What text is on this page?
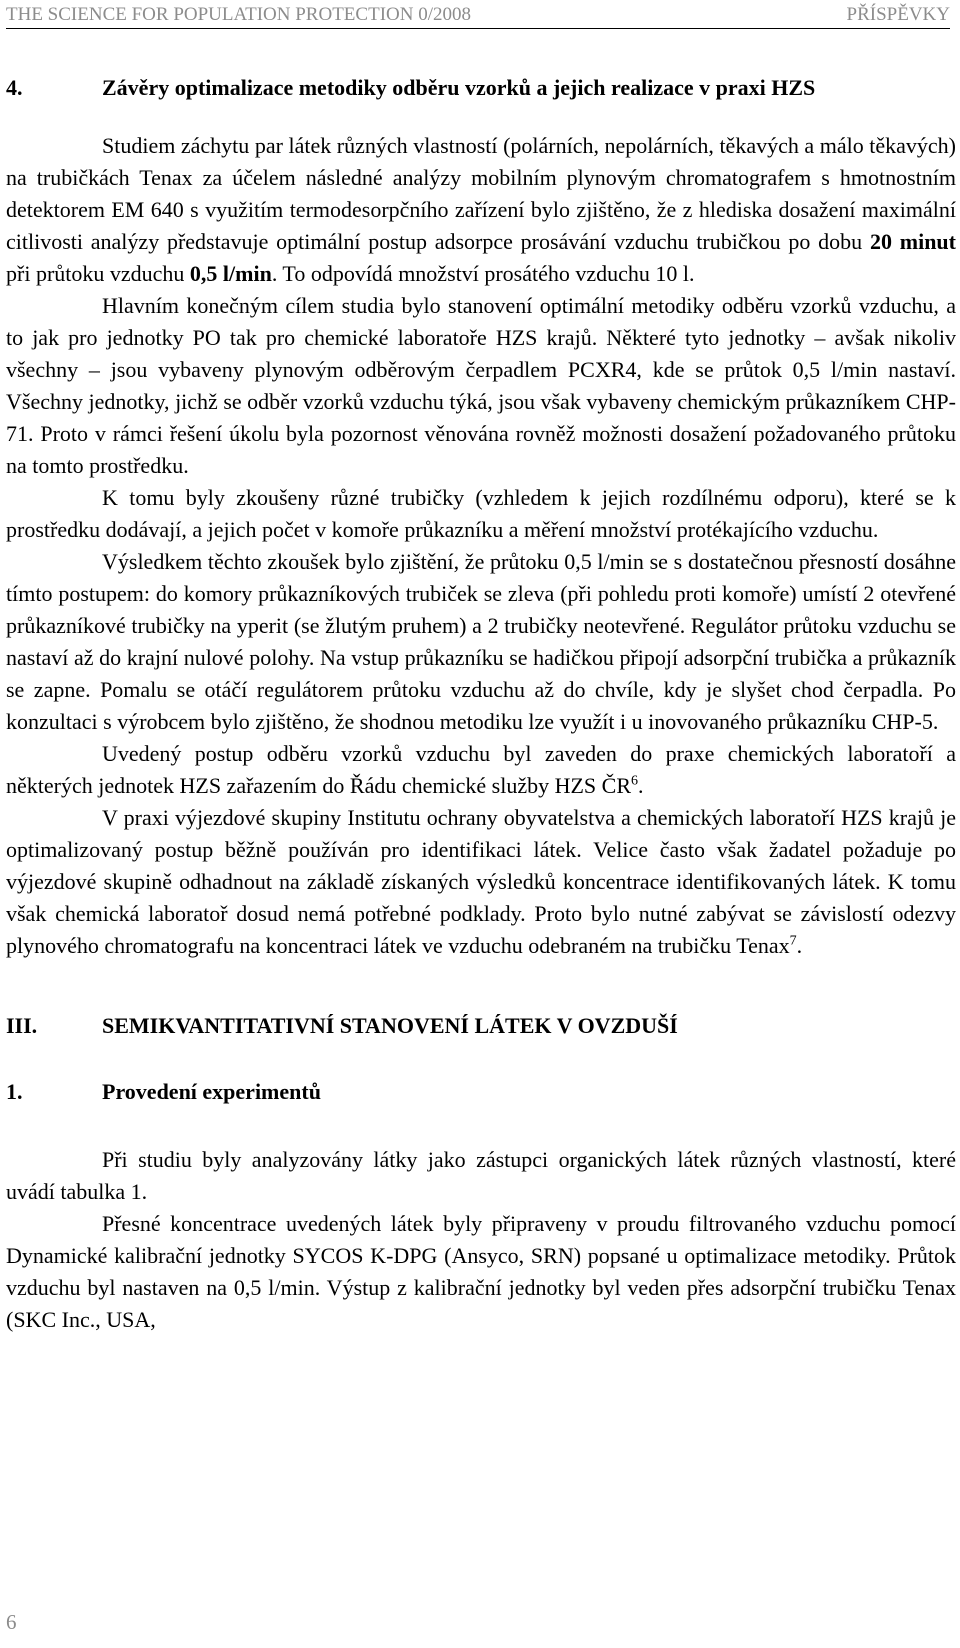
THE SCIENCE FOR POPULATION PROTECTION 0/2008	PŘÍSPĚVKY
4.	Závěry optimalizace metodiky odběru vzorků a jejich realizace v praxi HZS

Studiem záchytu par látek různých vlastností (polárních, nepolárních, těkavých a málo těkavých) na trubičkách Tenax za účelem následné analýzy mobilním plynovým chromatografem s hmotnostním detektorem EM 640 s využitím termodesorpčního zařízení bylo zjištěno, že z hlediska dosažení maximální citlivosti analýzy představuje optimální postup adsorpce prosávání vzduchu trubičkou po dobu 20 minut při průtoku vzduchu 0,5 l/min. To odpovídá množství prosátého vzduchu 10 l.

Hlavním konečným cílem studia bylo stanovení optimální metodiky odběru vzorků vzduchu, a to jak pro jednotky PO tak pro chemické laboratoře HZS krajů. Některé tyto jednotky – avšak nikoliv všechny – jsou vybaveny plynovým odběrovým čerpadlem PCXR4, kde se průtok 0,5 l/min nastaví. Všechny jednotky, jichž se odběr vzorků vzduchu týká, jsou však vybaveny chemickým průkazníkem CHP-71. Proto v rámci řešení úkolu byla pozornost věnována rovněž možnosti dosažení požadovaného průtoku na tomto prostředku.

K tomu byly zkoušeny různé trubičky (vzhledem k jejich rozdílnému odporu), které se k prostředku dodávají, a jejich počet v komoře průkazníku a měření množství protékajícího vzduchu.

Výsledkem těchto zkoušek bylo zjištění, že průtoku 0,5 l/min se s dostatečnou přesností dosáhne tímto postupem: do komory průkazníkových trubiček se zleva (při pohledu proti komoře) umístí 2 otevřené průkazníkové trubičky na yperit (se žlutým pruhem) a 2 trubičky neotevřené. Regulátor průtoku vzduchu se nastaví až do krajní nulové polohy. Na vstup průkazníku se hadičkou připojí adsorpční trubička a průkazník se zapne. Pomalu se otáčí regulátorem průtoku vzduchu až do chvíle, kdy je slyšet chod čerpadla. Po konzultaci s výrobcem bylo zjištěno, že shodnou metodiku lze využít i u inovovaného průkazníku CHP-5.

Uvedený postup odběru vzorků vzduchu byl zaveden do praxe chemických laboratoří a některých jednotek HZS zařazením do Řádu chemické služby HZS $ČR^6$.

V praxi výjezdové skupiny Institutu ochrany obyvatelstva a chemických laboratoří HZS krajů je optimalizovaný postup běžně používán pro identifikaci látek. Velice často však žadatel požaduje po výjezdové skupině odhadnout na základě získaných výsledků koncentrace identifikovaných látek. K tomu však chemická laboratoř dosud nemá potřebné podklady. Proto bylo nutné zabývat se závislostí odezvy plynového chromatografu na koncentraci látek ve vzduchu odebraném na trubičku Tenax$^7$.

III.	SEMIKVANTITATIVNÍ STANOVENÍ LÁTEK V OVZDUŠÍ
1.	Provedení experimentů

Při studiu byly analyzovány látky jako zástupci organických látek různých vlastností, které uvádí tabulka 1.

Přesné koncentrace uvedených látek byly připraveny v proudu filtrovaného vzduchu pomocí Dynamické kalibrační jednotky SYCOS K-DPG (Ansyco, SRN) popsané u optimalizace metodiky. Průtok vzduchu byl nastaven na 0,5 l/min. Výstup z kalibrační jednotky byl veden přes adsorpční trubičku Tenax (SKC Inc., USA,

6
